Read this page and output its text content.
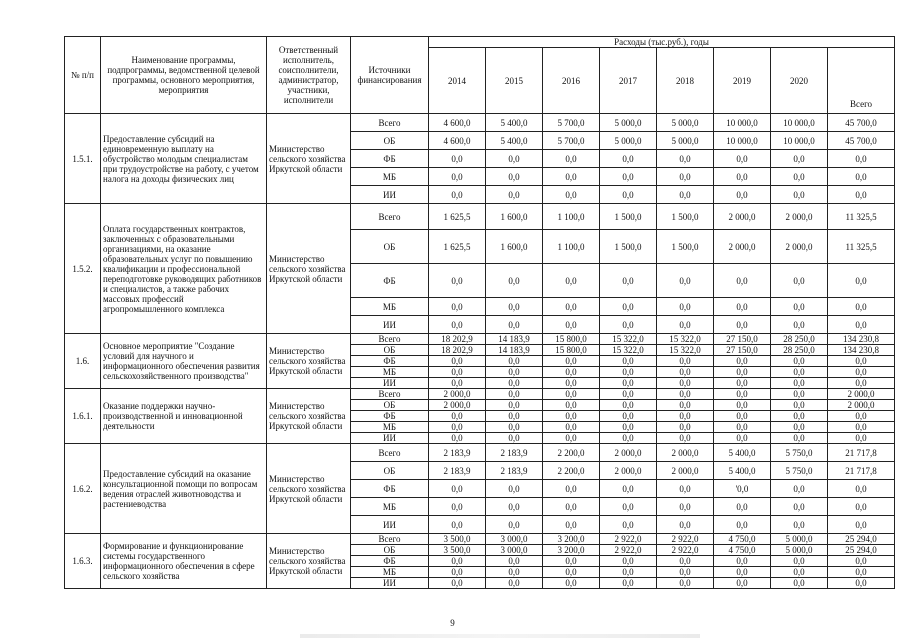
№ п/п	Наименование программы, подпрограммы, ведомственной целевой программы, основного мероприятия, мероприятия	Ответственный исполнитель, соисполнители, администратор, участники, исполнители	Источники финансирования	Расходы (тыс.руб.), годы							
				2014	2015	2016	2017	2018	2019	2020	Всего
1.5.1.	Предоставление субсидий на единовременную выплату на обустройство молодым специалистам при трудоустройстве на работу, с учетом налога на доходы физических лиц	Министерство сельского хозяйства Иркутской области	Всего	4 600,0	5 400,0	5 700,0	5 000,0	5 000,0	10 000,0	10 000,0	45 700,0
			ОБ	4 600,0	5 400,0	5 700,0	5 000,0	5 000,0	10 000,0	10 000,0	45 700,0
			ФБ	0,0	0,0	0,0	0,0	0,0	0,0	0,0	0,0
			МБ	0,0	0,0	0,0	0,0	0,0	0,0	0,0	0,0
			ИИ	0,0	0,0	0,0	0,0	0,0	0,0	0,0	0,0
1.5.2.	Оплата государственных контрактов, заключенных с образовательными организациями, на оказание образовательных услуг по повышению квалификации и профессиональной переподготовке руководящих работников и специалистов, а также рабочих массовых профессий агропромышленного комплекса	Министерство сельского хозяйства Иркутской области	Всего	1 625,5	1 600,0	1 100,0	1 500,0	1 500,0	2 000,0	2 000,0	11 325,5
			ОБ	1 625,5	1 600,0	1 100,0	1 500,0	1 500,0	2 000,0	2 000,0	11 325,5
			ФБ	0,0	0,0	0,0	0,0	0,0	0,0	0,0	0,0
			МБ	0,0	0,0	0,0	0,0	0,0	0,0	0,0	0,0
			ИИ	0,0	0,0	0,0	0,0	0,0	0,0	0,0	0,0
1.6.	Основное мероприятие "Создание условий для научного и информационного обеспечения развития сельскохозяйственного производства"	Министерство сельского хозяйства Иркутской области	Всего	18 202,9	14 183,9	15 800,0	15 322,0	15 322,0	27 150,0	28 250,0	134 230,8
			ОБ	18 202,9	14 183,9	15 800,0	15 322,0	15 322,0	27 150,0	28 250,0	134 230,8
			ФБ	0,0	0,0	0,0	0,0	0,0	0,0	0,0	0,0
			МБ	0,0	0,0	0,0	0,0	0,0	0,0	0,0	0,0
			ИИ	0,0	0,0	0,0	0,0	0,0	0,0	0,0	0,0
1.6.1.	Оказание поддержки научно-производственной и инновационной деятельности	Министерство сельского хозяйства Иркутской области	Всего	2 000,0	0,0	0,0	0,0	0,0	0,0	0,0	2 000,0
			ОБ	2 000,0	0,0	0,0	0,0	0,0	0,0	0,0	2 000,0
			ФБ	0,0	0,0	0,0	0,0	0,0	0,0	0,0	0,0
			МБ	0,0	0,0	0,0	0,0	0,0	0,0	0,0	0,0
			ИИ	0,0	0,0	0,0	0,0	0,0	0,0	0,0	0,0
1.6.2.	Предоставление субсидий на оказание консультационной помощи по вопросам ведения отраслей животноводства и растениеводства	Министерство сельского хозяйства Иркутской области	Всего	2 183,9	2 183,9	2 200,0	2 000,0	2 000,0	5 400,0	5 750,0	21 717,8
			ОБ	2 183,9	2 183,9	2 200,0	2 000,0	2 000,0	5 400,0	5 750,0	21 717,8
			ФБ	0,0	0,0	0,0	0,0	0,0	'0,0	0,0	0,0
			МБ	0,0	0,0	0,0	0,0	0,0	0,0	0,0	0,0
			ИИ	0,0	0,0	0,0	0,0	0,0	0,0	0,0	0,0
1.6.3.	Формирование и функционирование системы государственного информационного обеспечения в сфере сельского хозяйства	Министерство сельского хозяйства Иркутской области	Всего	3 500,0	3 000,0	3 200,0	2 922,0	2 922,0	4 750,0	5 000,0	25 294,0
			ОБ	3 500,0	3 000,0	3 200,0	2 922,0	2 922,0	4 750,0	5 000,0	25 294,0
			ФБ	0,0	0,0	0,0	0,0	0,0	0,0	0,0	0,0
			МБ	0,0	0,0	0,0	0,0	0,0	0,0	0,0	0,0
			ИИ	0,0	0,0	0,0	0,0	0,0	0,0	0,0	0,0
9
